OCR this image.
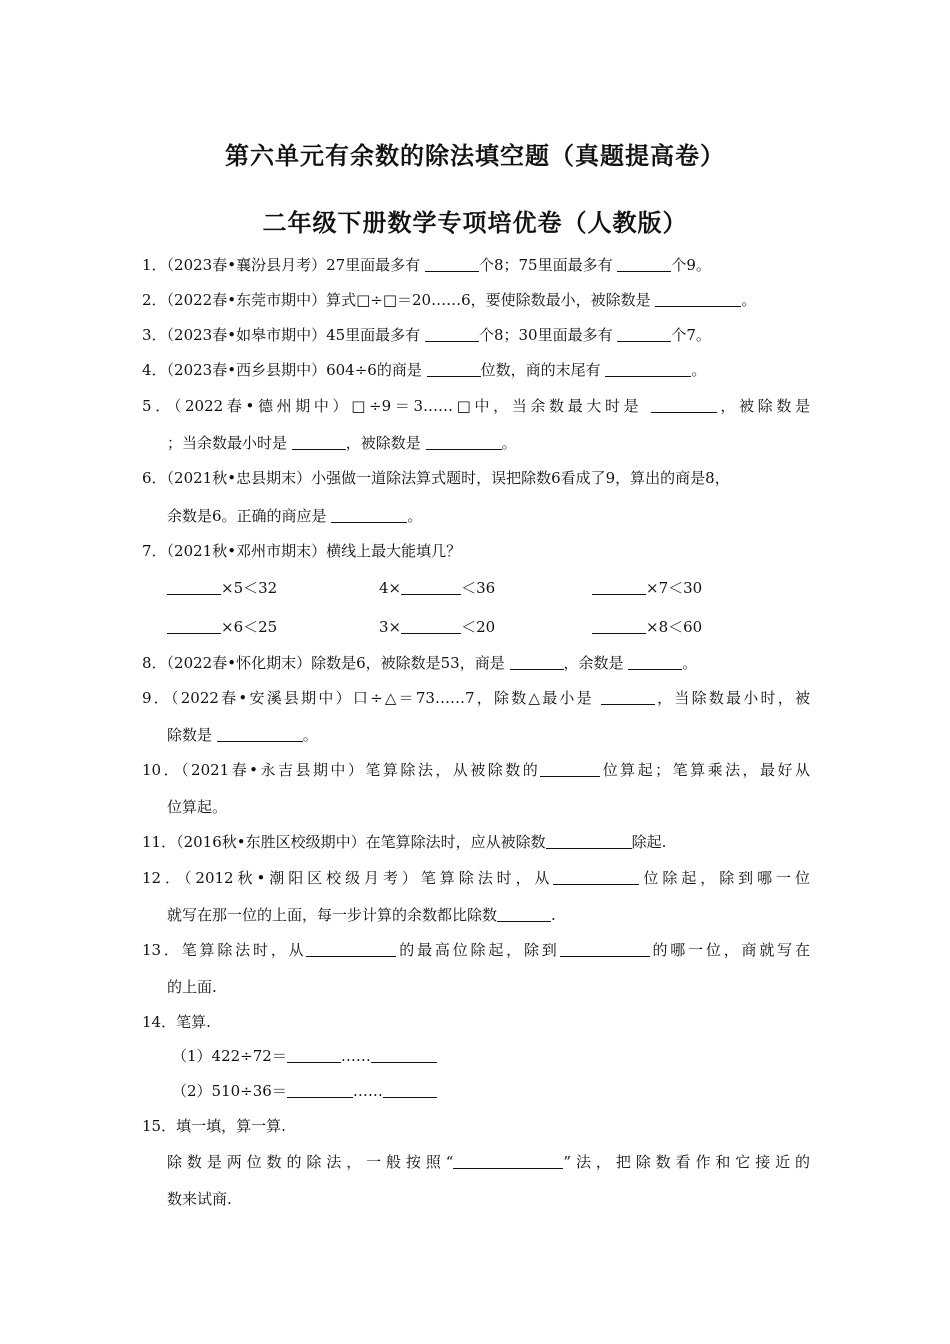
第六单元有余数的除法填空题（真题提高卷）
二年级下册数学专项培优卷（人教版）
1．（2023春•襄汾县月考）27里面最多有	个8；75里面最多有	个9。
2．（2022春•东莞市期中）算式□÷□＝20……6，要使除数最小，被除数是	。
3．（2023春•如皋市期中）45里面最多有	个8；30里面最多有	个7。
4．（2023春•西乡县期中）604÷6的商是	位数，商的末尾有	。
5．（2022春•德州期中）□÷9＝3……□中，当余数最大时是	，被除数是
；当余数最小时是	，被除数是	。
6．（2021秋•忠县期末）小强做一道除法算式题时，误把除数6看成了9，算出的商是8，
余数是6。正确的商应是	。
7．（2021秋•邓州市期末）横线上最大能填几？
×5＜32	4×	＜36	×7＜30
×6＜25	3×	＜20	×8＜60
8．（2022春•怀化期末）除数是6，被除数是53，商是	，余数是	。
9．（2022春•安溪县期中）口÷△＝73……7，除数△最小是	，当除数最小时，被
除数是	。
10．（2021春•永吉县期中）笔算除法，从被除数的	位算起；笔算乘法，最好从
位算起。
11．（2016秋•东胜区校级期中）在笔算除法时，应从被除数	除起.
12．（2012秋•潮阳区校级月考）笔算除法时，从	位除起，除到哪一位
就写在那一位的上面，每一步计算的余数都比除数	.
13．笔算除法时，从	的最高位除起，除到	的哪一位，商就写在
的上面.
14．笔算.
（1）422÷72＝	……
（2）510÷36＝	……
15．填一填，算一算.
除数是两位数的除法，一般按照“	”法，把除数看作和它接近的
数来试商.
